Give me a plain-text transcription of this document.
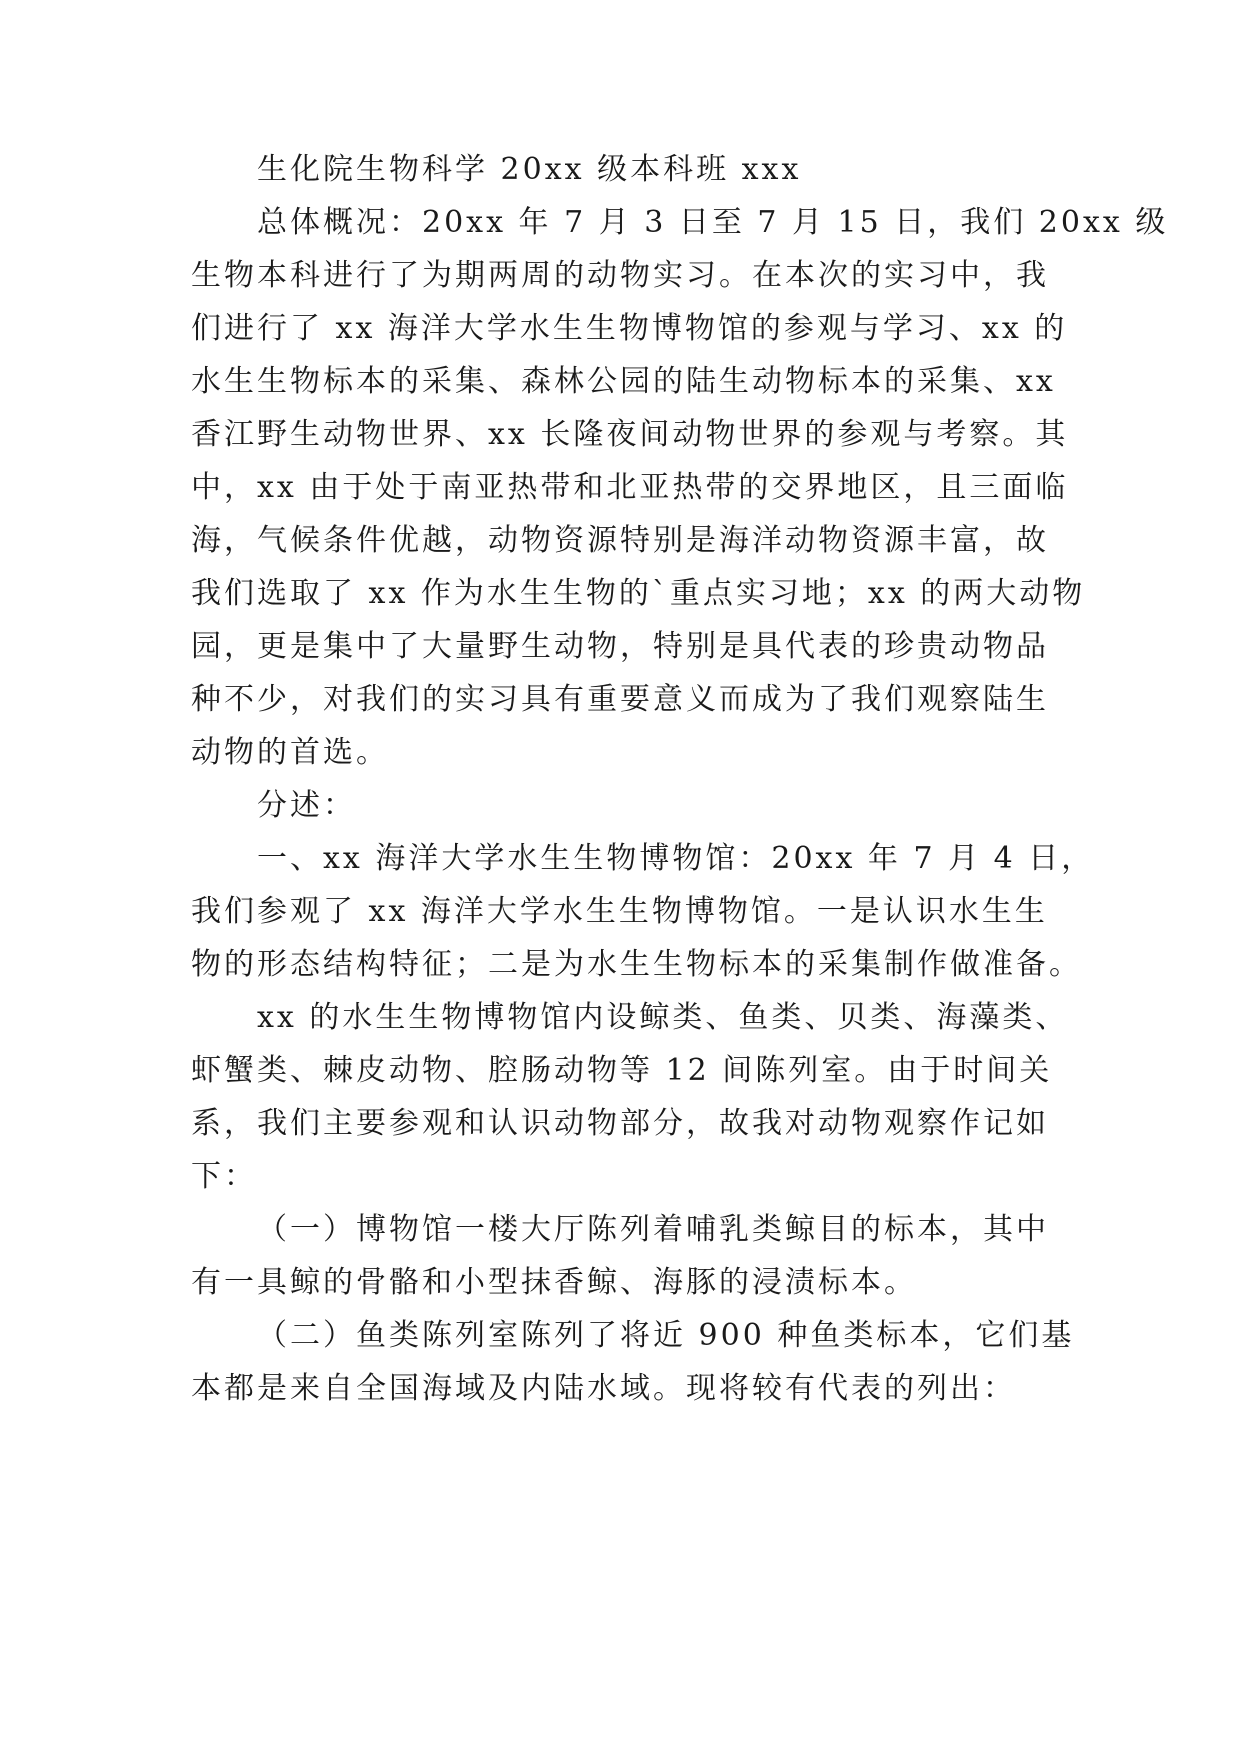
生化院生物科学 20xx 级本科班 xxx
总体概况：20xx 年 7 月 3 日至 7 月 15 日，我们 20xx 级
生物本科进行了为期两周的动物实习。在本次的实习中，我
们进行了 xx 海洋大学水生生物博物馆的参观与学习、xx 的
水生生物标本的采集、森林公园的陆生动物标本的采集、xx
香江野生动物世界、xx 长隆夜间动物世界的参观与考察。其
中，xx 由于处于南亚热带和北亚热带的交界地区，且三面临
海，气候条件优越，动物资源特别是海洋动物资源丰富，故
我们选取了 xx 作为水生生物的`重点实习地；xx 的两大动物
园，更是集中了大量野生动物，特别是具代表的珍贵动物品
种不少，对我们的实习具有重要意义而成为了我们观察陆生
动物的首选。
分述：
一、xx 海洋大学水生生物博物馆：20xx 年 7 月 4 日，
我们参观了 xx 海洋大学水生生物博物馆。一是认识水生生
物的形态结构特征；二是为水生生物标本的采集制作做准备。
xx 的水生生物博物馆内设鲸类、鱼类、贝类、海藻类、
虾蟹类、棘皮动物、腔肠动物等 12 间陈列室。由于时间关
系，我们主要参观和认识动物部分，故我对动物观察作记如
下：
（一）博物馆一楼大厅陈列着哺乳类鲸目的标本，其中
有一具鲸的骨骼和小型抹香鲸、海豚的浸渍标本。
（二）鱼类陈列室陈列了将近 900 种鱼类标本，它们基
本都是来自全国海域及内陆水域。现将较有代表的列出：
